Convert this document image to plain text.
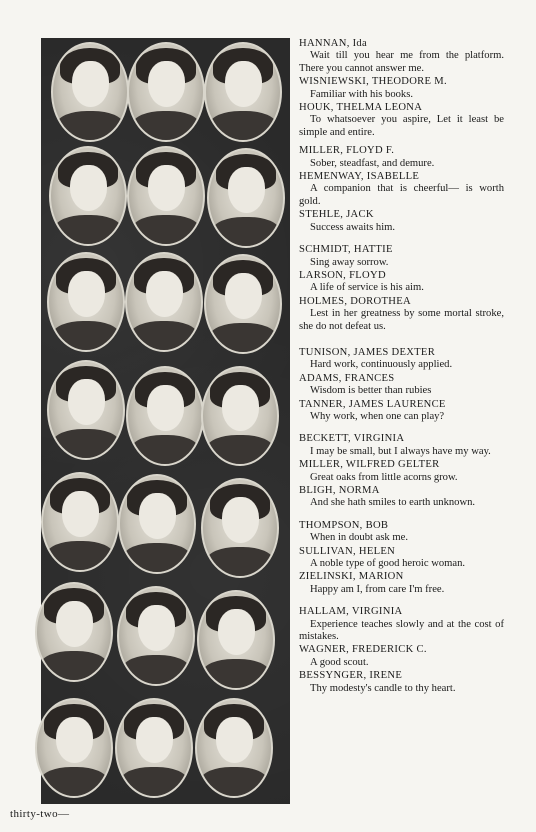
HANNAN, Ida
Wait till you hear me from the platform. There you cannot answer me.
WISNIEWSKI, THEODORE M.
Familiar with his books.
HOUK, THELMA LEONA
To whatsoever you aspire, Let it least be simple and entire.
MILLER, FLOYD F.
Sober, steadfast, and demure.
HEMENWAY, ISABELLE
A companion that is cheerful— is worth gold.
STEHLE, JACK
Success awaits him.
SCHMIDT, HATTIE
Sing away sorrow.
LARSON, FLOYD
A life of service is his aim.
HOLMES, DOROTHEA
Lest in her greatness by some mortal stroke, she do not defeat us.
TUNISON, JAMES DEXTER
Hard work, continuously applied.
ADAMS, FRANCES
Wisdom is better than rubies
TANNER, JAMES LAURENCE
Why work, when one can play?
BECKETT, VIRGINIA
I may be small, but I always have my way.
MILLER, WILFRED GELTER
Great oaks from little acorns grow.
BLIGH, NORMA
And she hath smiles to earth unknown.
THOMPSON, BOB
When in doubt ask me.
SULLIVAN, HELEN
A noble type of good heroic woman.
ZIELINSKI, MARION
Happy am I, from care I'm free.
HALLAM, VIRGINIA
Experience teaches slowly and at the cost of mistakes.
WAGNER, FREDERICK C.
A good scout.
BESSYNGER, IRENE
Thy modesty's candle to thy heart.
thirty-two—
